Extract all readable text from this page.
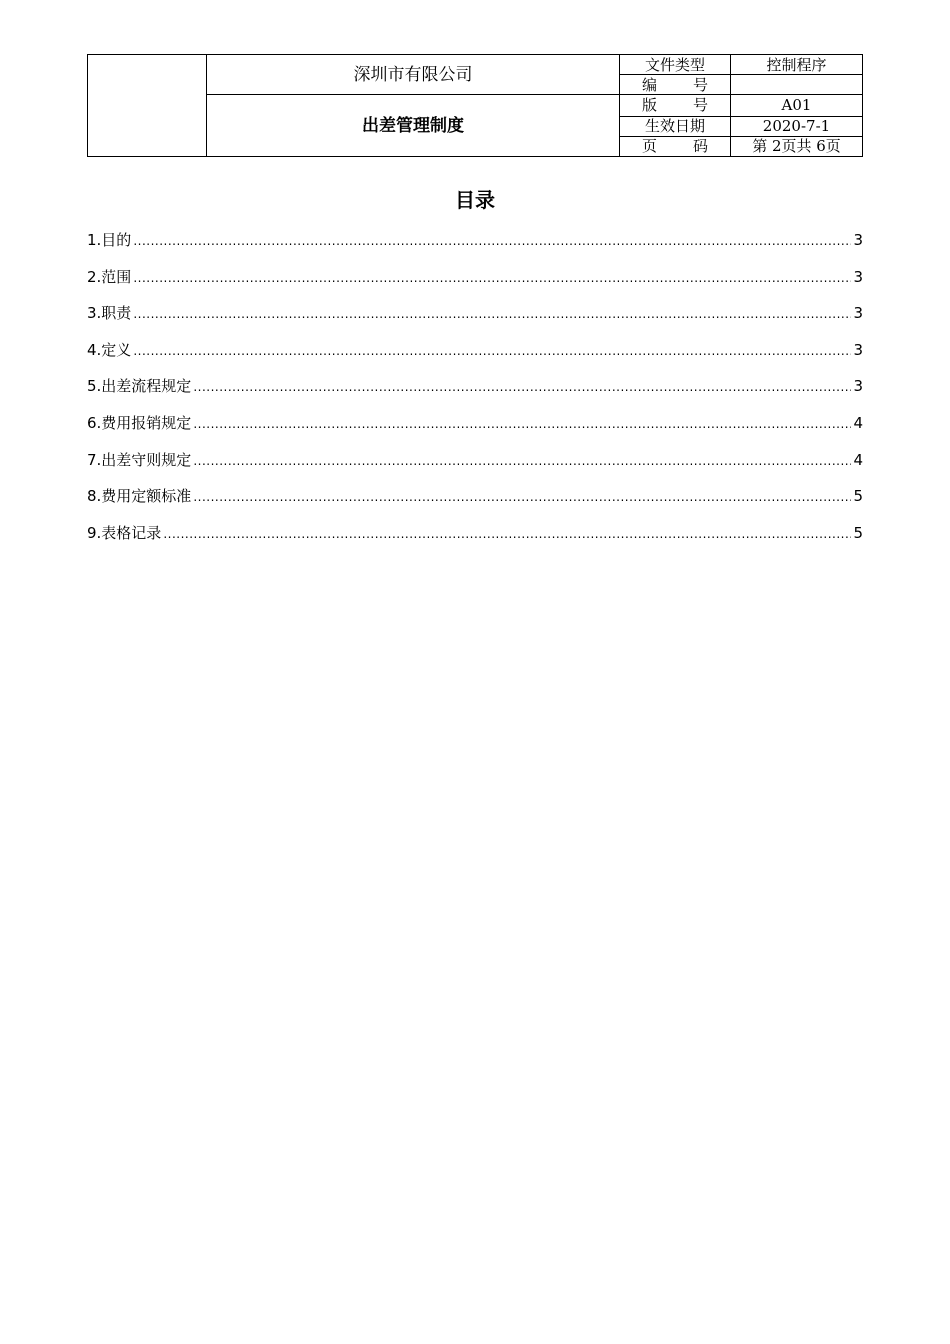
	深圳市有限公司	文件类型	控制程序

		编 号	

	出差管理制度	版 号	A01
		生效日期	2020-7-1

		页 码	第 2页共 6页
目录
1.目的 .....	3
2.范围 .....	3
3.职责 .....	3
4.定义 .....	3
5.出差流程规定 .....	3
6.费用报销规定 .....	4
7.出差守则规定 .....	4
8.费用定额标准 .....	5
9.表格记录 .....	5
